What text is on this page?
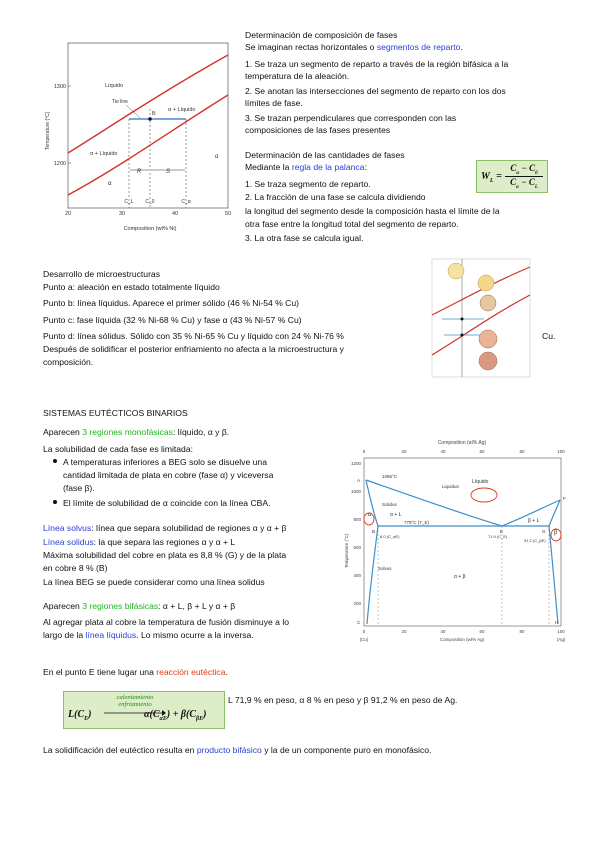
1300
1200
Temperature (°C)
20	30	40	50
Composition (wt% Ni)
R	S
Líquido
Tie line
α + Líquido
B
α + Líquido
α
α
C_L C_0	C_α
Determinación de composición de fases
Se imaginan rectas horizontales o segmentos de reparto.
1. Se traza un segmento de reparto a través de la región bifásica a la
temperatura de la aleación.
2. Se anotan las intersecciones del segmento de reparto con los dos
límites de fase.
3. Se trazan perpendiculares que corresponden con las
composiciones de las fases presentes
Determinación de las cantidades de fases
Mediante la regla de la palanca:
1. Se traza segmento de reparto.
2. La fracción de una fase se calcula dividiendo
la longitud del segmento desde la composición hasta el límite de la
otra fase entre la longitud total del segmento de reparto.
3. La otra fase se calcula igual.
$W_L$ =
$C_\alpha - C_0$
$C_\alpha - C_L$
Desarrollo de microestructuras
Punto a: aleación en estado totalmente líquido
Punto b: línea líquidus. Aparece el primer sólido (46 % Ni-54 % Cu)
Punto c: fase líquida (32 % Ni-68 % Cu) y fase α (43 % Ni-57 % Cu)
Punto d: línea sólidus. Sólido con 35 % Ni-65 % Cu y líquido con 24 % Ni-76 %	Cu.
Después de solidificar el posterior enfriamiento no afecta a la microestructura y
composición.
SISTEMAS EUTÉCTICOS BINARIOS
Aparecen 3 regiones monofásicas: líquido, α y β.
La solubilidad de cada fase es limitada:
A temperaturas inferiores a BEG solo se disuelve una
cantidad limitada de plata en cobre (fase α) y viceversa
(fase β).
El límite de solubilidad de α coincide con la línea CBA.
Línea solvus: línea que separa solubilidad de regiones α y α + β
Línea solidus: la que separa las regiones α y α + L
Máxima solubilidad del cobre en plata es 8,8 % (G) y de la plata
en cobre 8 % (B)
La línea BEG se puede considerar como una línea solidus
Aparecen 3 regiones bifásicas: α + L, β + L y α + β
Al agregar plata al cobre la temperatura de fusión disminuye a lo
largo de la línea líquidus. Lo mismo ocurre a la inversa.
En el punto E tiene lugar una reacción eutéctica.
$L(C_E)$
calentamiento
enfriamiento
$\alpha(C_{\alpha E}) + \beta(C_{\beta E})$
L 71,9 % en peso, α 8 % en peso y β 91,2 % en peso de Ag.
La solidificación del eutéctico resulta en producto bifásico y la de un componente puro en monofásico.
Composition (at% Ag)
0	20	40	60	80	100
1200
1000
800
600
400
200
Temperature (°C)
Líquido
Liquidus
1085°C
α + L
β + L
779°C (T_E)
α + β
α
β
Solidus
Solvus
A
B
C
E
F
G
H
8.0 (C_αE)	71.9 (C_E)
91.2 (C_βE)
0	20	40	60	80	100
(Cu)	(Ag)
Composition (wt% Ag)
